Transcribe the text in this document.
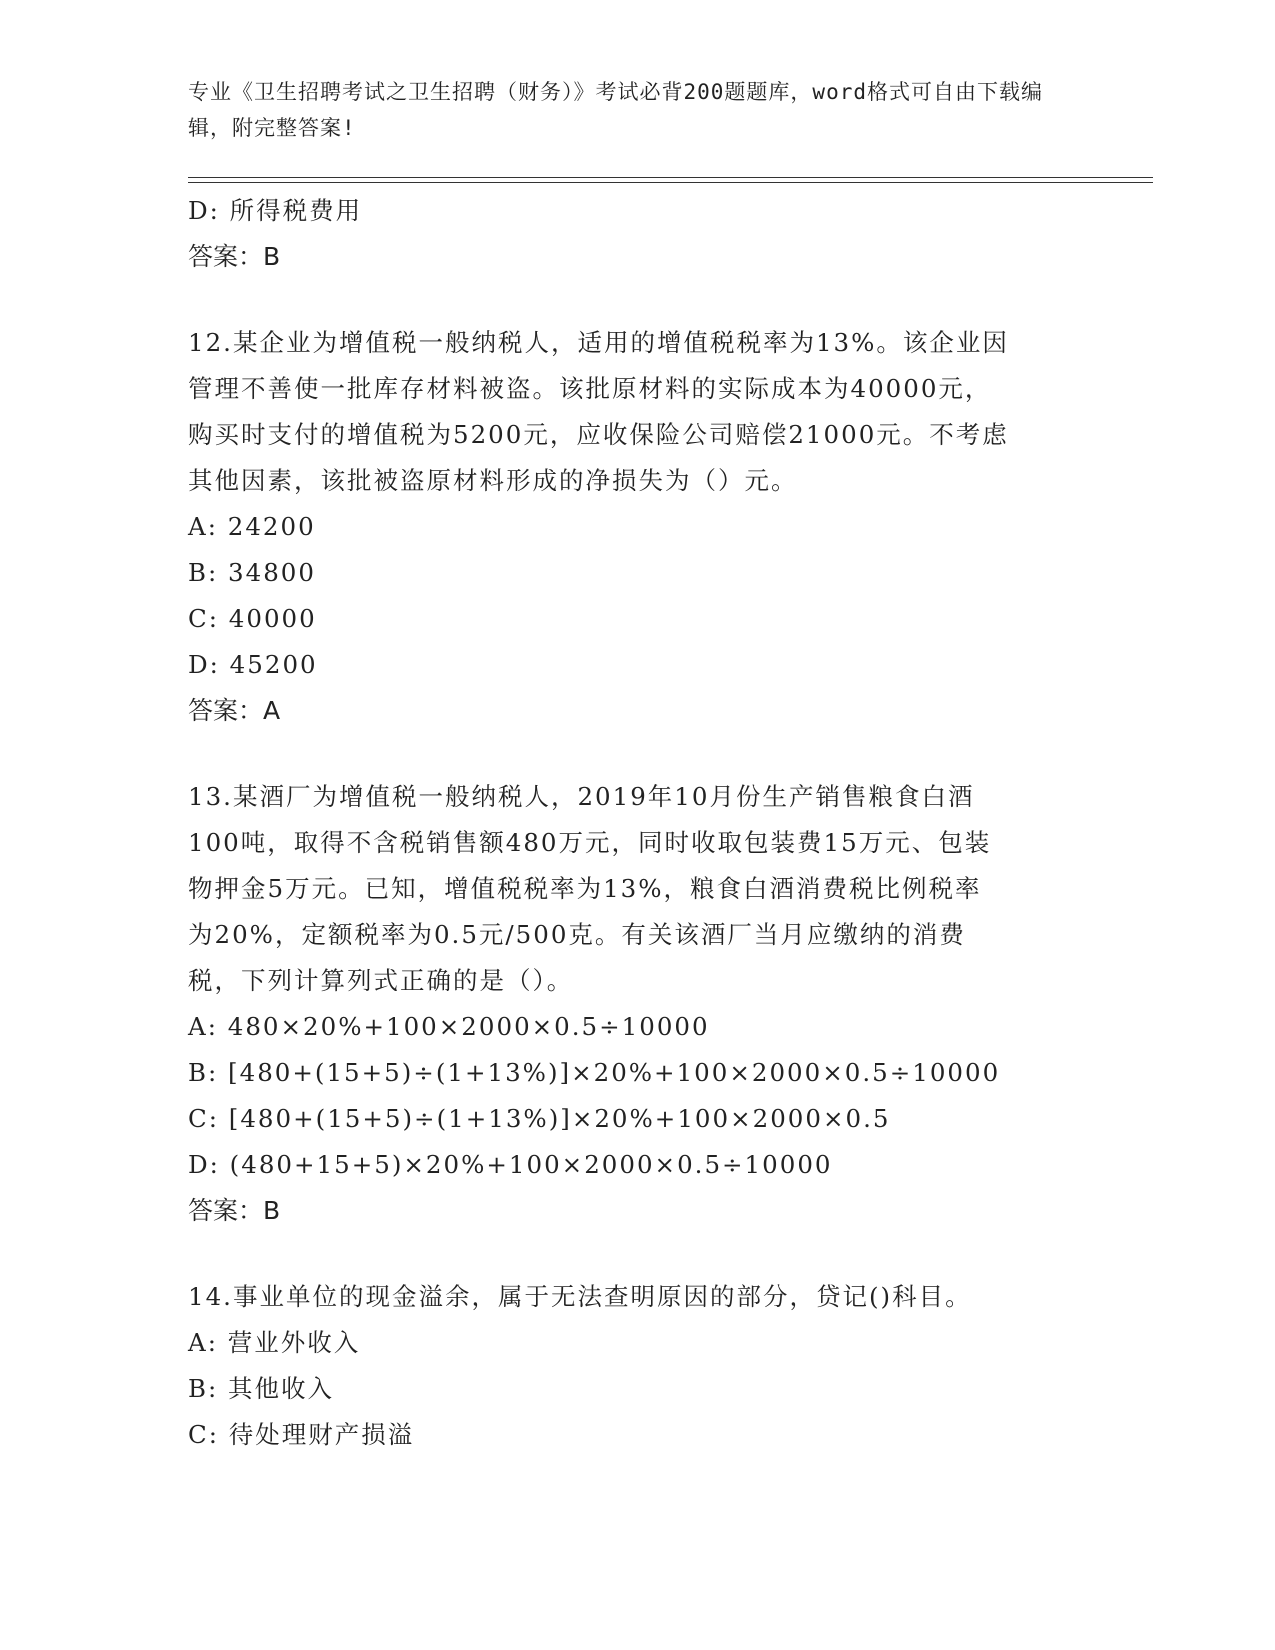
专业《卫生招聘考试之卫生招聘（财务）》考试必背200题题库，word格式可自由下载编辑，附完整答案!
D: 所得税费用
答案：B
12.某企业为增值税一般纳税人，适用的增值税税率为13%。该企业因
管理不善使一批库存材料被盗。该批原材料的实际成本为40000元，
购买时支付的增值税为5200元，应收保险公司赔偿21000元。不考虑
其他因素，该批被盗原材料形成的净损失为（）元。
A: 24200
B: 34800
C: 40000
D: 45200
答案：A
13.某酒厂为增值税一般纳税人，2019年10月份生产销售粮食白酒
100吨，取得不含税销售额480万元，同时收取包装费15万元、包装
物押金5万元。已知，增值税税率为13%，粮食白酒消费税比例税率
为20%，定额税率为0.5元/500克。有关该酒厂当月应缴纳的消费
税，下列计算列式正确的是（）。
A: 480×20%+100×2000×0.5÷10000
B: [480+(15+5)÷(1+13%)]×20%+100×2000×0.5÷10000
C: [480+(15+5)÷(1+13%)]×20%+100×2000×0.5
D: (480+15+5)×20%+100×2000×0.5÷10000
答案：B
14.事业单位的现金溢余，属于无法查明原因的部分，贷记()科目。
A: 营业外收入
B: 其他收入
C: 待处理财产损溢
